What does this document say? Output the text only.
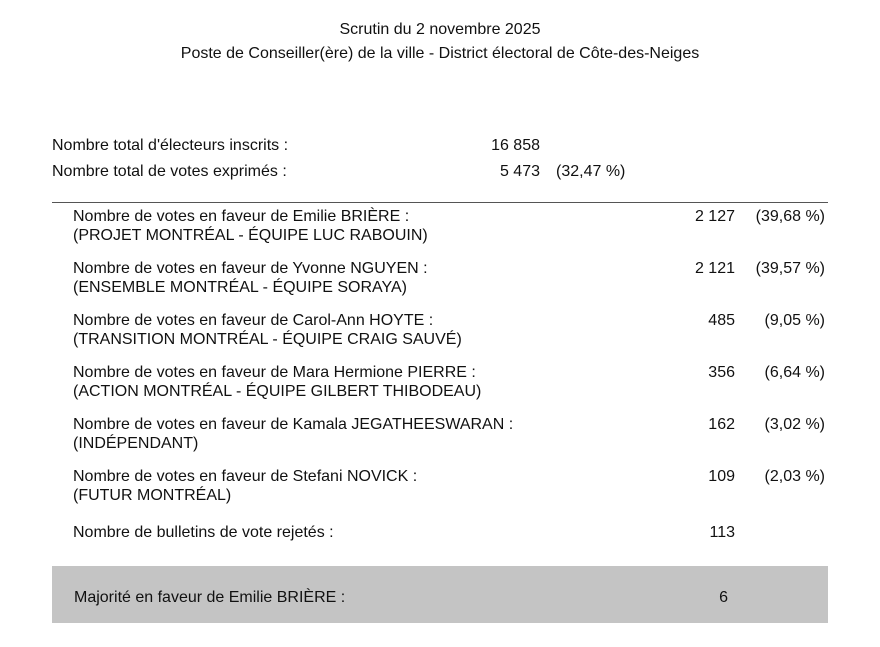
Scrutin du 2 novembre 2025
Poste de Conseiller(ère) de la ville - District électoral de Côte-des-Neiges
Nombre total d'électeurs inscrits :	16 858
Nombre total de votes exprimés :	5 473 (32,47 %)
Nombre de votes en faveur de Emilie BRIÈRE :
(PROJET MONTRÉAL - ÉQUIPE LUC RABOUIN)
2 127	(39,68 %)
Nombre de votes en faveur de Yvonne NGUYEN :
(ENSEMBLE MONTRÉAL - ÉQUIPE SORAYA)
2 121	(39,57 %)
Nombre de votes en faveur de Carol-Ann HOYTE :
(TRANSITION MONTRÉAL - ÉQUIPE CRAIG SAUVÉ)
485	(9,05 %)
Nombre de votes en faveur de Mara Hermione PIERRE :
(ACTION MONTRÉAL - ÉQUIPE GILBERT THIBODEAU)
356	(6,64 %)
Nombre de votes en faveur de Kamala JEGATHEESWARAN :
(INDÉPENDANT)
162	(3,02 %)
Nombre de votes en faveur de Stefani NOVICK :
(FUTUR MONTRÉAL)
109	(2,03 %)
Nombre de bulletins de vote rejetés :	113
Majorité en faveur de Emilie BRIÈRE :	6
